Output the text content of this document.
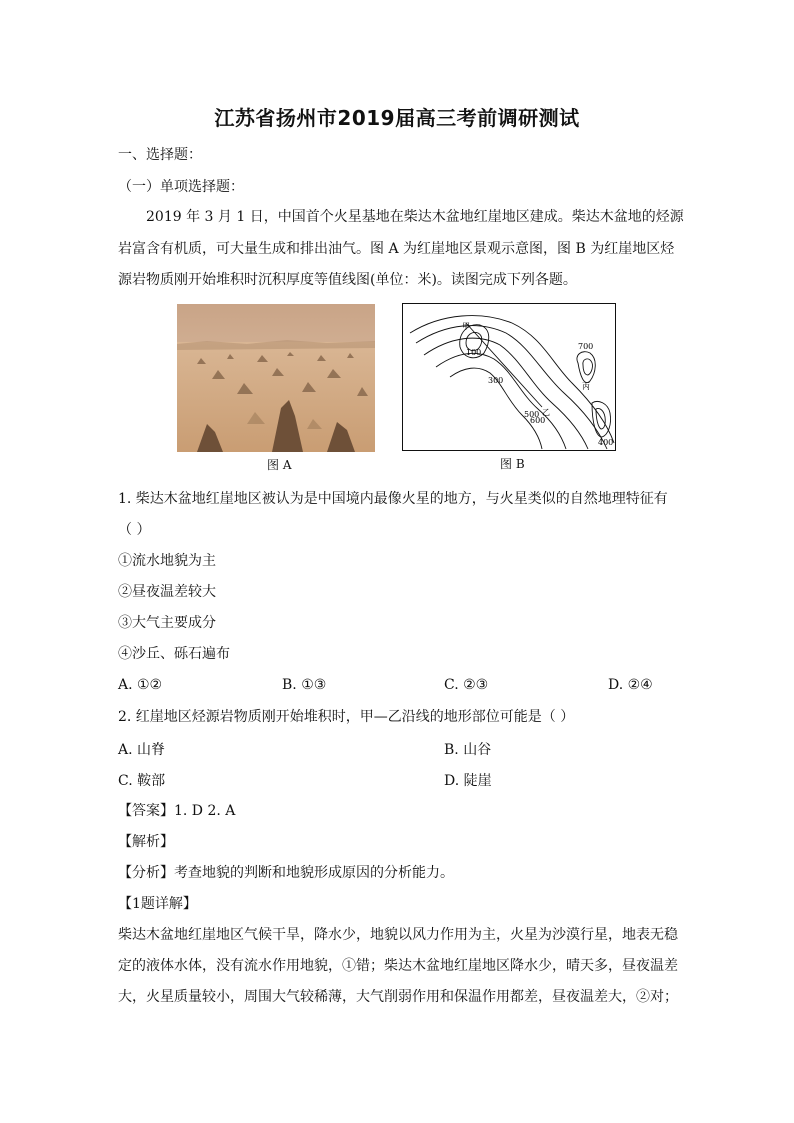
江苏省扬州市2019届高三考前调研测试
一、选择题：
（一）单项选择题：
2019 年 3 月 1 日，中国首个火星基地在柴达木盆地红崖地区建成。柴达木盆地的烃源
岩富含有机质，可大量生成和排出油气。图 A 为红崖地区景观示意图，图 B 为红崖地区烃
源岩物质刚开始堆积时沉积厚度等值线图(单位：米)。读图完成下列各题。
图 A
甲
乙
丙
100
300
500
600
700
400
图 B
1. 柴达木盆地红崖地区被认为是中国境内最像火星的地方，与火星类似的自然地理特征有
（ ）
①流水地貌为主
②昼夜温差较大
③大气主要成分
④沙丘、砾石遍布
A. ①②	B. ①③	C. ②③	D. ②④
2. 红崖地区烃源岩物质刚开始堆积时，甲—乙沿线的地形部位可能是（ ）
A. 山脊	B. 山谷
C. 鞍部	D. 陡崖
【答案】1. D 2. A
【解析】
【分析】考查地貌的判断和地貌形成原因的分析能力。
【1题详解】
柴达木盆地红崖地区气候干旱，降水少，地貌以风力作用为主，火星为沙漠行星，地表无稳
定的液体水体，没有流水作用地貌，①错；柴达木盆地红崖地区降水少，晴天多，昼夜温差
大，火星质量较小，周围大气较稀薄，大气削弱作用和保温作用都差，昼夜温差大，②对；
